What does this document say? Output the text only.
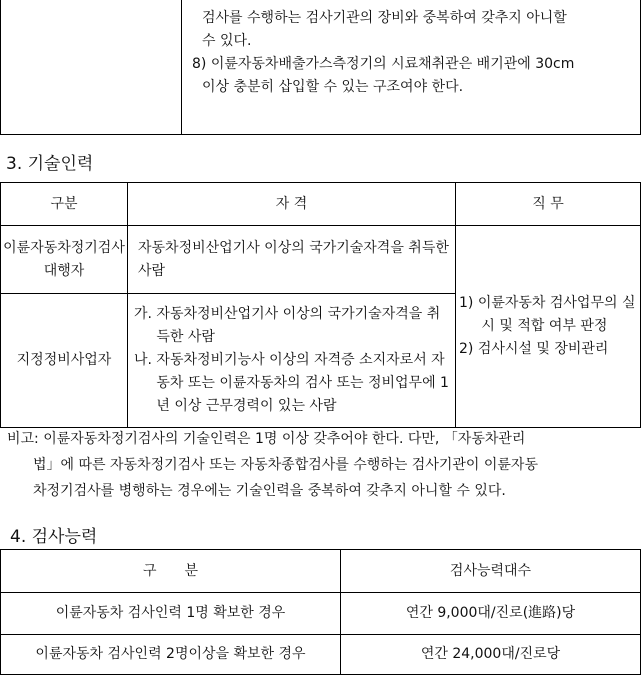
검사를 수행하는 검사기관의 장비와 중복하여 갖추지 아니할
수 있다.
8) 이륜자동차배출가스측정기의 시료채취관은 배기관에 30cm
이상 충분히 삽입할 수 있는 구조여야 한다.
3. 기술인력
구분	자 격	직 무
이륜자동차정기검사대행자	자동차정비산업기사 이상의 국가기술자격을 취득한 사람	1) 이륜자동차 검사업무의 실시 및 적합 여부 판정
2) 검사시설 및 장비관리

지정정비사업자	가. 자동차정비산업기사 이상의 국가기술자격을 취득한 사람
나. 자동차정비기능사 이상의 자격증 소지자로서 자동차 또는 이륜자동차의 검사 또는 정비업무에 1년 이상 근무경력이 있는 사람	
비고: 이륜자동차정기검사의 기술인력은 1명 이상 갖추어야 한다. 다만, 「자동차관리
법」에 따른 자동차정기검사 또는 자동차종합검사를 수행하는 검사기관이 이륜자동
차정기검사를 병행하는 경우에는 기술인력을 중복하여 갖추지 아니할 수 있다.
4. 검사능력
구　　분	검사능력대수
이륜자동차 검사인력 1명 확보한 경우	연간 9,000대/진로(進路)당
이륜자동차 검사인력 2명이상을 확보한 경우	연간 24,000대/진로당
